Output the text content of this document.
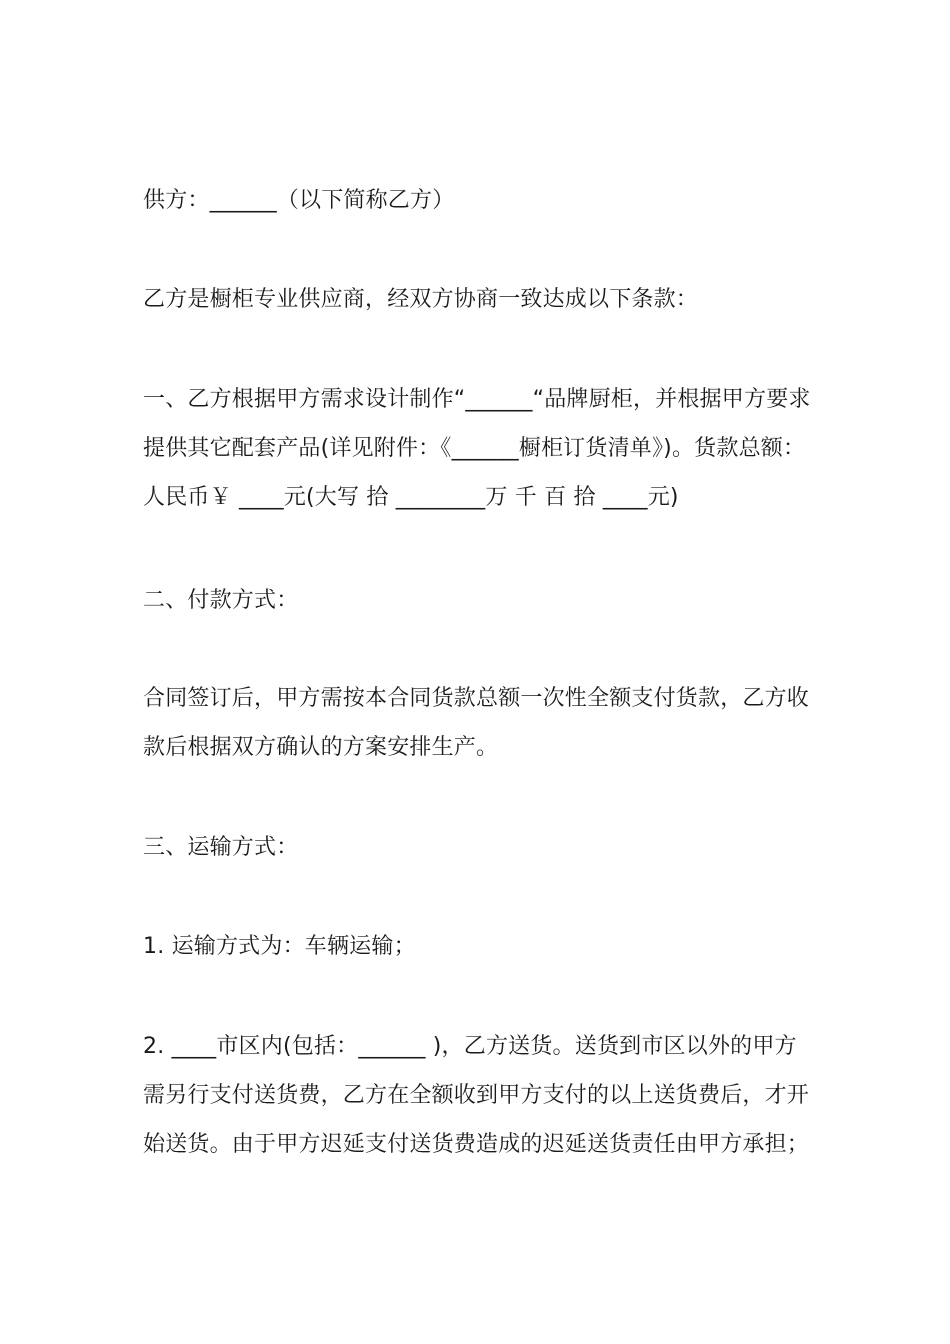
供方：______（以下简称乙方）

乙方是橱柜专业供应商，经双方协商一致达成以下条款：

一、乙方根据甲方需求设计制作“______“品牌厨柜，并根据甲方要求提供其它配套产品(详见附件：《______橱柜订货清单》)。货款总额：人民币￥ ____元(大写 拾 ________万 千 百 拾 ____元)

二、付款方式：

合同签订后，甲方需按本合同货款总额一次性全额支付货款，乙方收款后根据双方确认的方案安排生产。

三、运输方式：

1. 运输方式为：车辆运输；

2. ____市区内(包括：______ )，乙方送货。送货到市区以外的甲方需另行支付送货费，乙方在全额收到甲方支付的以上送货费后，才开始送货。由于甲方迟延支付送货费造成的迟延送货责任由甲方承担；
